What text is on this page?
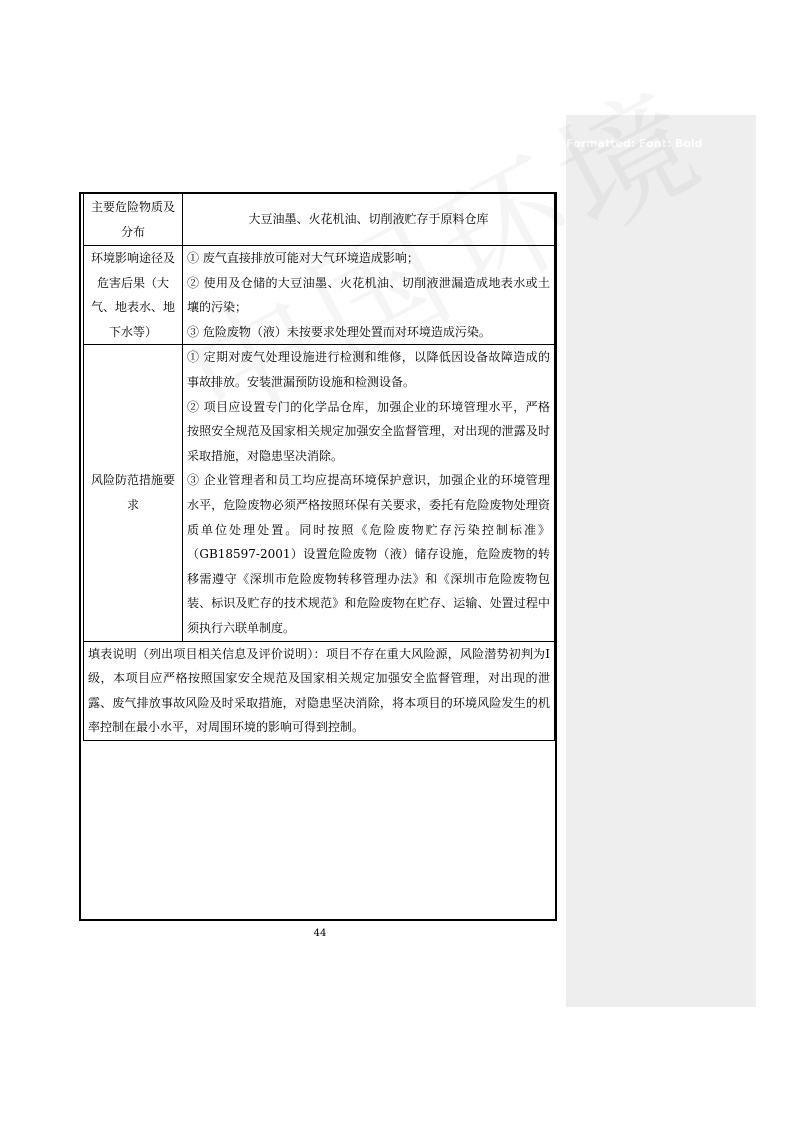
Formatted: Font: Bold
主要危险物质及分布	大豆油墨、火花机油、切削液贮存于原料仓库

环境影响途径及危害后果（大气、地表水、地下水等）	① 废气直接排放可能对大气环境造成影响；

② 使用及仓储的大豆油墨、火花机油、切削液泄漏造成地表水或土壤的污染；

③ 危险废物（液）未按要求处理处置而对环境造成污染。

风险防范措施要求	① 定期对废气处理设施进行检测和维修，以降低因设备故障造成的事故排放。安装泄漏预防设施和检测设备。

② 项目应设置专门的化学品仓库，加强企业的环境管理水平，严格按照安全规范及国家相关规定加强安全监督管理，对出现的泄露及时采取措施，对隐患坚决消除。

③ 企业管理者和员工均应提高环境保护意识，加强企业的环境管理水平，危险废物必须严格按照环保有关要求，委托有危险废物处理资质单位处理处置。同时按照《危险废物贮存污染控制标准》（GB18597-2001）设置危险废物（液）储存设施，危险废物的转移需遵守《深圳市危险废物转移管理办法》和《深圳市危险废物包装、标识及贮存的技术规范》和危险废物在贮存、运输、处置过程中须执行六联单制度。

填表说明（列出项目相关信息及评价说明）：项目不存在重大风险源，风险潜势初判为Ⅰ级，本项目应严格按照国家安全规范及国家相关规定加强安全监督管理，对出现的泄露、废气排放事故风险及时采取措施，对隐患坚决消除，将本项目的环境风险发生的机率控制在最小水平，对周围环境的影响可得到控制。	
44
